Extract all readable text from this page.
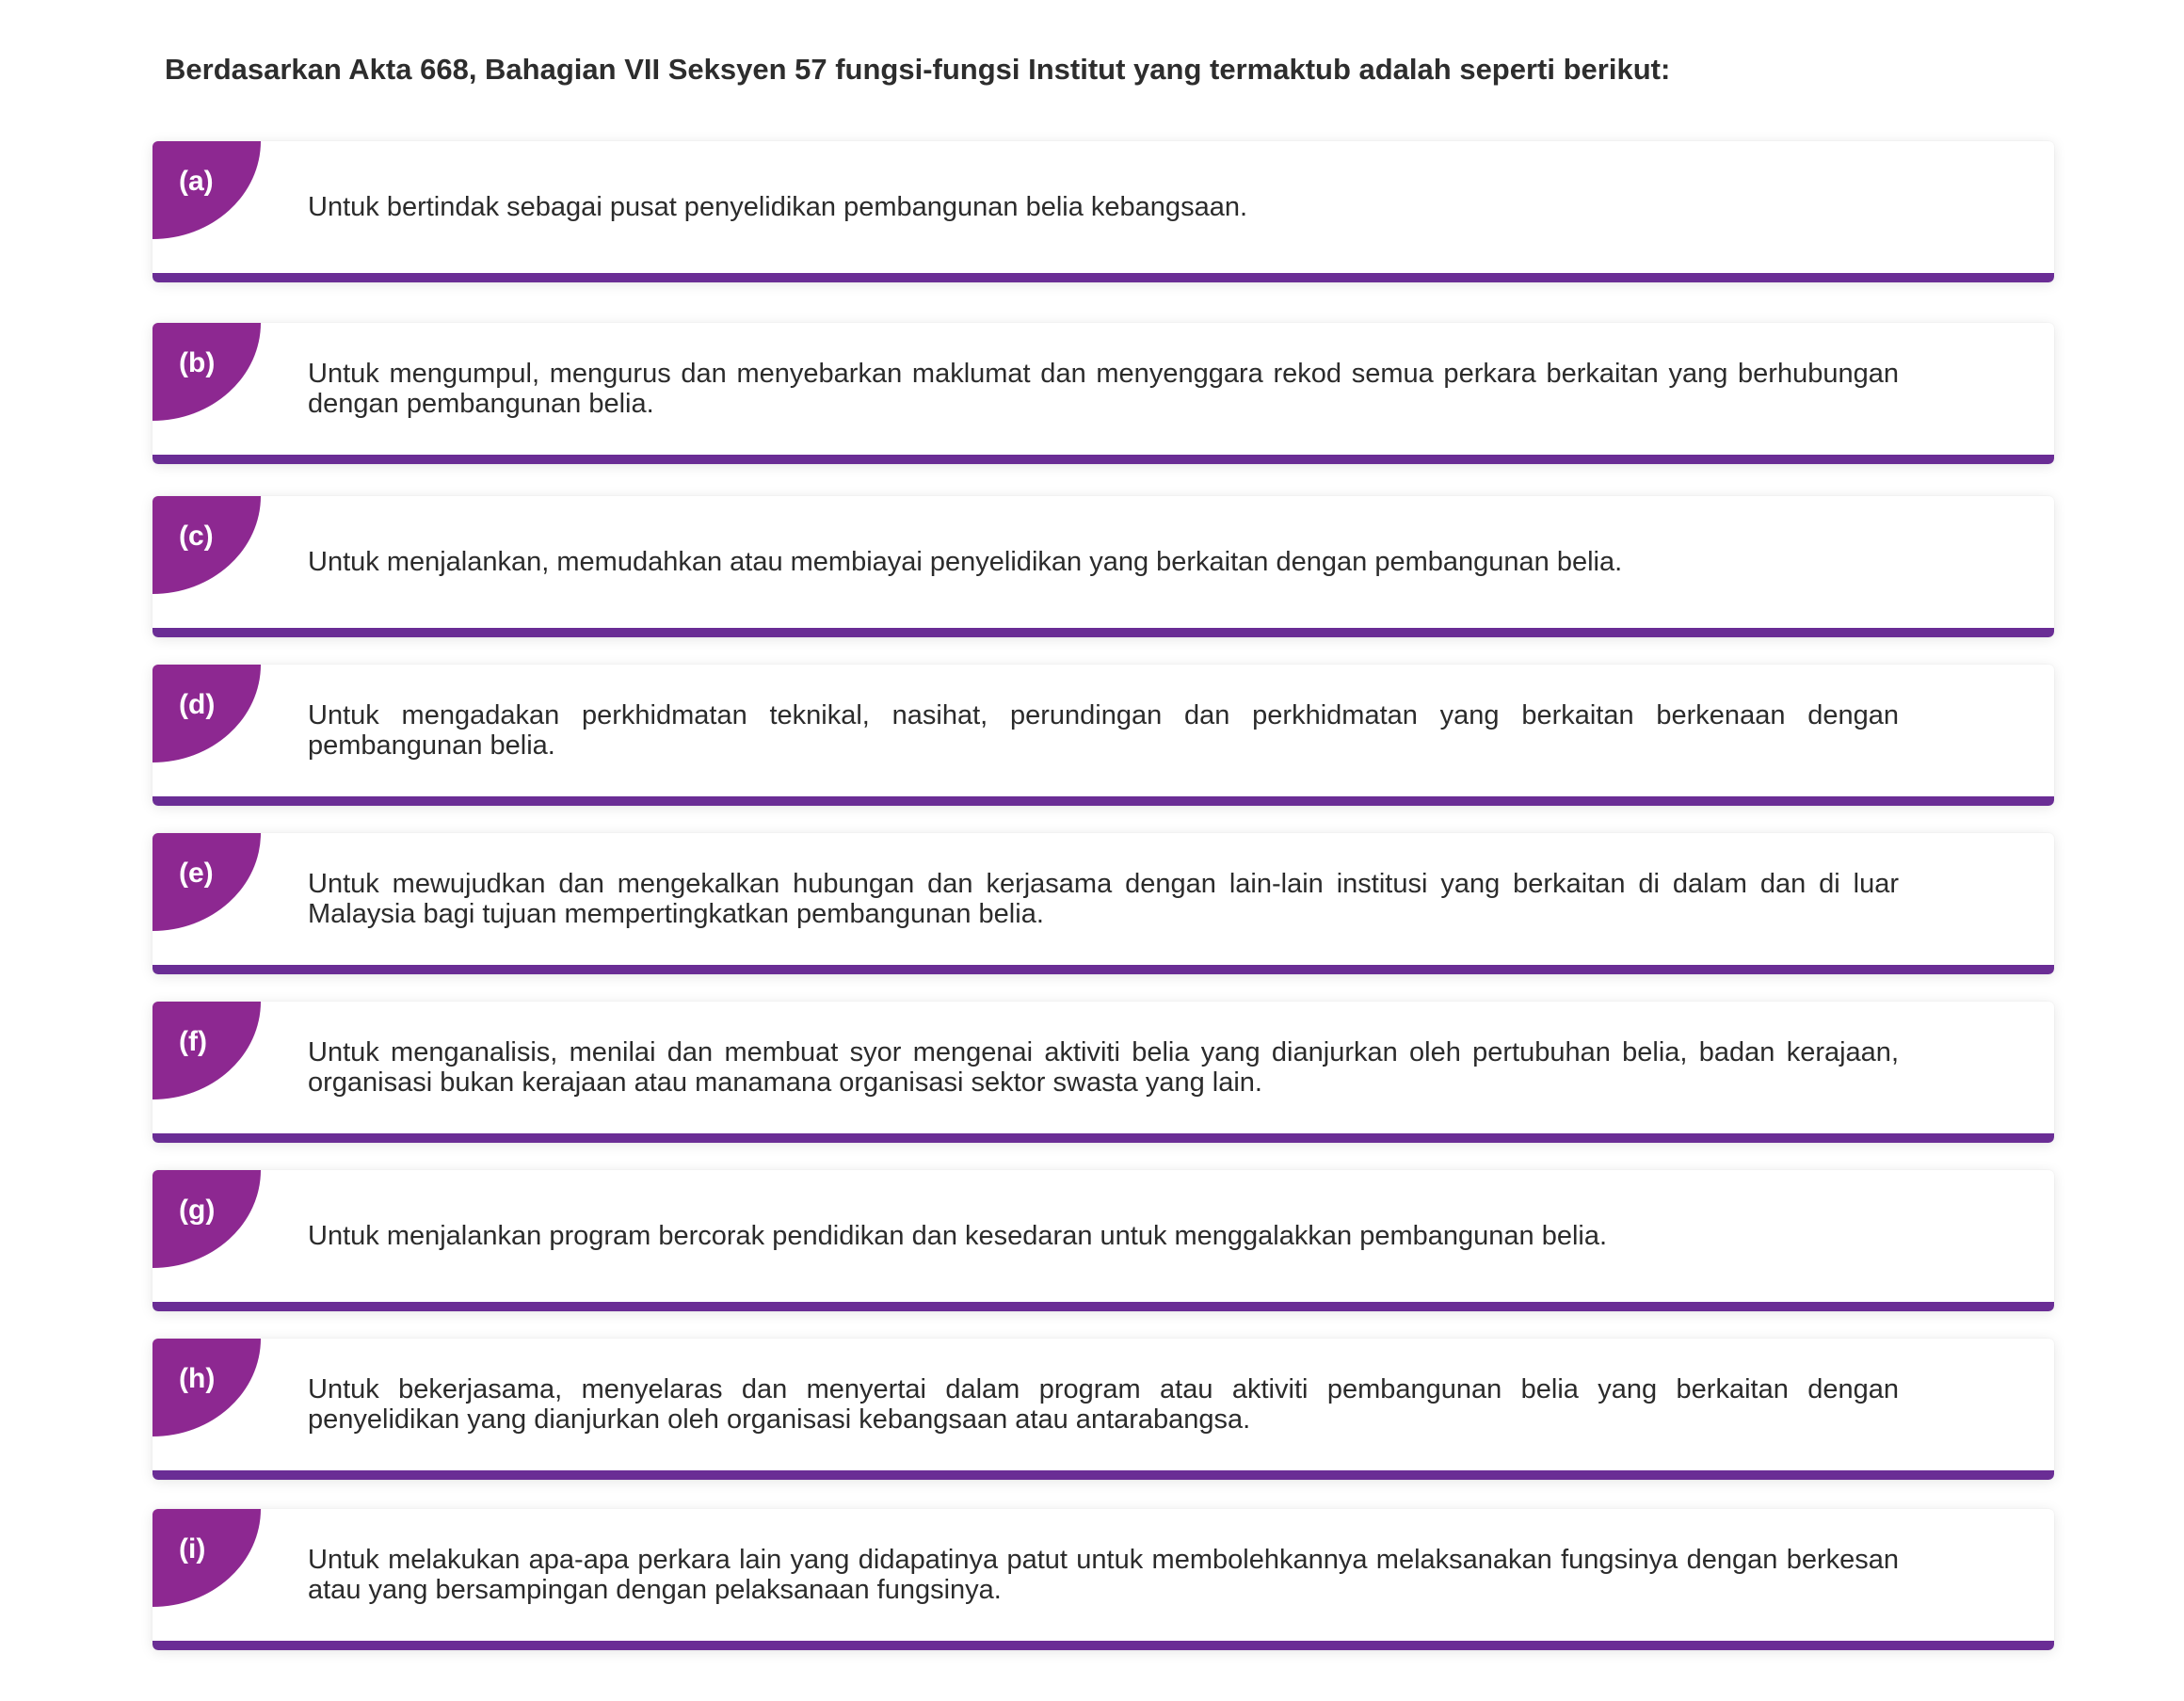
Berdasarkan Akta 668, Bahagian VII Seksyen 57 fungsi-fungsi Institut yang termaktub adalah seperti berikut:
(a)
Untuk bertindak sebagai pusat penyelidikan pembangunan belia kebangsaan.
(b)	Untuk mengumpul, mengurus dan menyebarkan maklumat dan menyenggara rekod semua perkara berkaitan yang berhubungan dengan pembangunan belia.
(c)
Untuk menjalankan, memudahkan atau membiayai penyelidikan yang berkaitan dengan pembangunan belia.
(d)	Untuk mengadakan perkhidmatan teknikal, nasihat, perundingan dan perkhidmatan yang berkaitan berkenaan dengan pembangunan belia.
(e)	Untuk mewujudkan dan mengekalkan hubungan dan kerjasama dengan lain-lain institusi yang berkaitan di dalam dan di luar Malaysia bagi tujuan mempertingkatkan pembangunan belia.
(f)	Untuk menganalisis, menilai dan membuat syor mengenai aktiviti belia yang dianjurkan oleh pertubuhan belia, badan kerajaan, organisasi bukan kerajaan atau manamana organisasi sektor swasta yang lain.
(g)
Untuk menjalankan program bercorak pendidikan dan kesedaran untuk menggalakkan pembangunan belia.
(h)	Untuk bekerjasama, menyelaras dan menyertai dalam program atau aktiviti pembangunan belia yang berkaitan dengan penyelidikan yang dianjurkan oleh organisasi kebangsaan atau antarabangsa.
(i)	Untuk melakukan apa-apa perkara lain yang didapatinya patut untuk membolehkannya melaksanakan fungsinya dengan berkesan atau yang bersampingan dengan pelaksanaan fungsinya.
